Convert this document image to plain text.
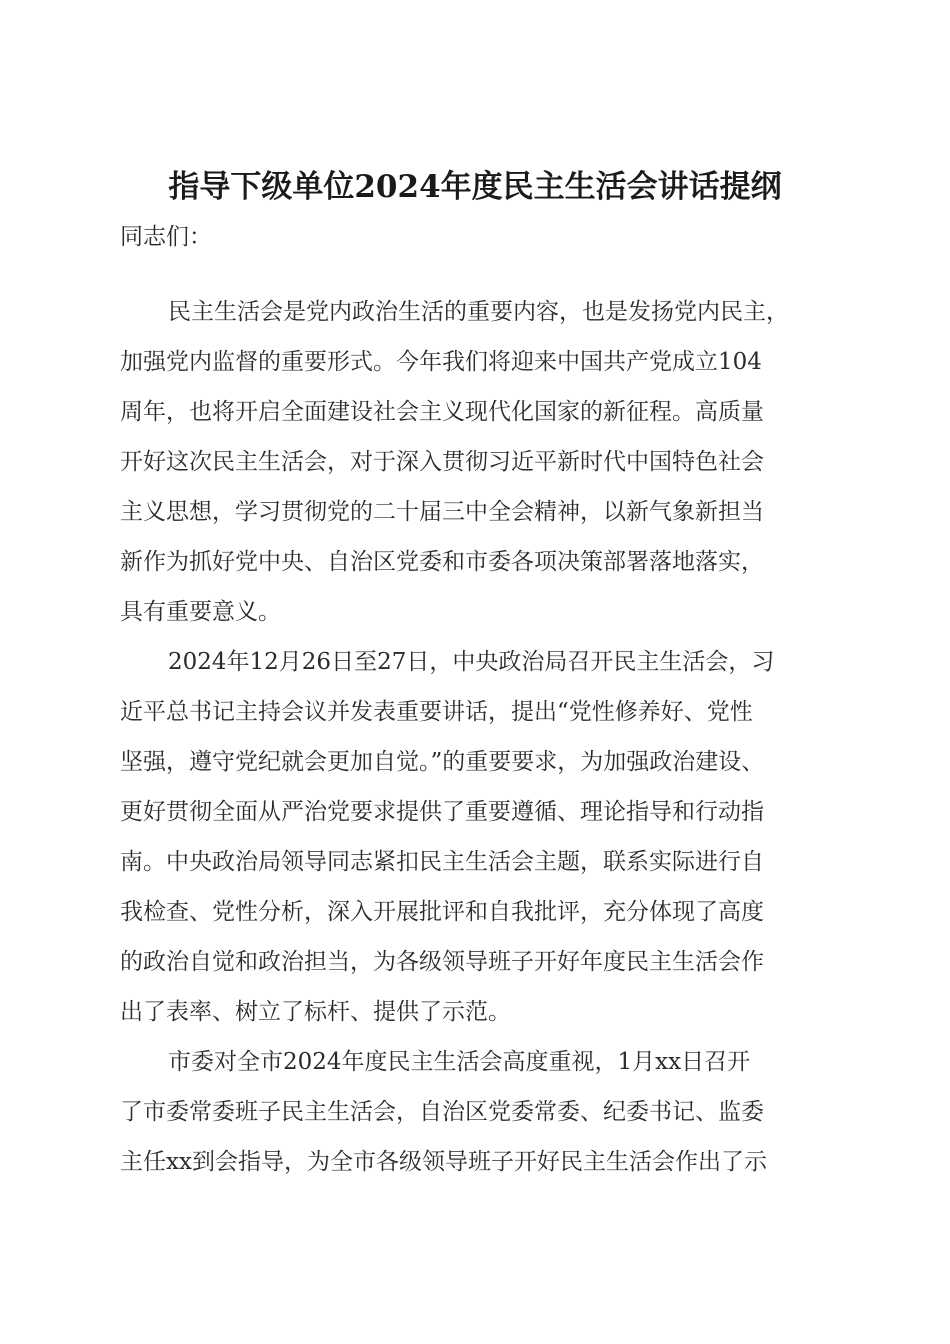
指导下级单位2024年度民主生活会讲话提纲
同志们：
民主生活会是党内政治生活的重要内容，也是发扬党内民主，
加强党内监督的重要形式。今年我们将迎来中国共产党成立104
周年，也将开启全面建设社会主义现代化国家的新征程。高质量
开好这次民主生活会，对于深入贯彻习近平新时代中国特色社会
主义思想，学习贯彻党的二十届三中全会精神，以新气象新担当
新作为抓好党中央、自治区党委和市委各项决策部署落地落实，
具有重要意义。
2024年12月26日至27日，中央政治局召开民主生活会，习
近平总书记主持会议并发表重要讲话，提出“党性修养好、党性
坚强，遵守党纪就会更加自觉。”的重要要求，为加强政治建设、
更好贯彻全面从严治党要求提供了重要遵循、理论指导和行动指
南。中央政治局领导同志紧扣民主生活会主题，联系实际进行自
我检查、党性分析，深入开展批评和自我批评，充分体现了高度
的政治自觉和政治担当，为各级领导班子开好年度民主生活会作
出了表率、树立了标杆、提供了示范。
市委对全市2024年度民主生活会高度重视，1月xx日召开
了市委常委班子民主生活会，自治区党委常委、纪委书记、监委
主任xx到会指导，为全市各级领导班子开好民主生活会作出了示
